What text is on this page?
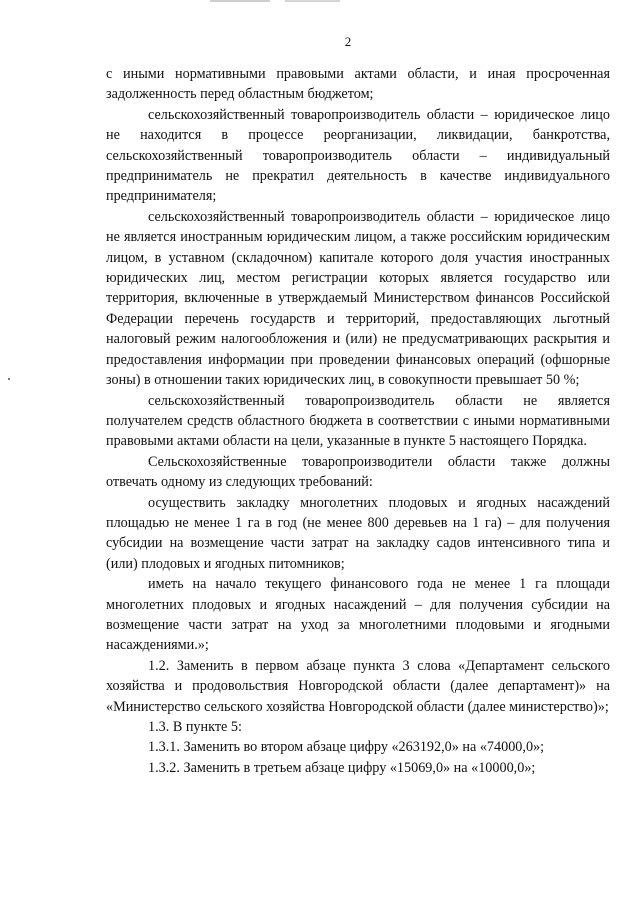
2

с иными нормативными правовыми актами области, и иная просроченная задолженность перед областным бюджетом;

сельскохозяйственный товаропроизводитель области – юридическое лицо не находится в процессе реорганизации, ликвидации, банкротства, сельскохозяйственный товаропроизводитель области – индивидуальный предприниматель не прекратил деятельность в качестве индивидуального предпринимателя;

сельскохозяйственный товаропроизводитель области – юридическое лицо не является иностранным юридическим лицом, а также российским юридическим лицом, в уставном (складочном) капитале которого доля участия иностранных юридических лиц, местом регистрации которых является государство или территория, включенные в утверждаемый Министерством финансов Российской Федерации перечень государств и территорий, предоставляющих льготный налоговый режим налогообложения и (или) не предусматривающих раскрытия и предоставления информации при проведении финансовых операций (офшорные зоны) в отношении таких юридических лиц, в совокупности превышает 50 %;

сельскохозяйственный товаропроизводитель области не является получателем средств областного бюджета в соответствии с иными нормативными правовыми актами области на цели, указанные в пункте 5 настоящего Порядка.

Сельскохозяйственные товаропроизводители области также должны отвечать одному из следующих требований:

осуществить закладку многолетних плодовых и ягодных насаждений площадью не менее 1 га в год (не менее 800 деревьев на 1 га) – для получения субсидии на возмещение части затрат на закладку садов интенсивного типа и (или) плодовых и ягодных питомников;

иметь на начало текущего финансового года не менее 1 га площади многолетних плодовых и ягодных насаждений – для получения субсидии на возмещение части затрат на уход за многолетними плодовыми и ягодными насаждениями.»;

1.2. Заменить в первом абзаце пункта 3 слова «Департамент сельского хозяйства и продовольствия Новгородской области (далее департамент)» на «Министерство сельского хозяйства Новгородской области (далее министерство)»;

1.3. В пункте 5:

1.3.1. Заменить во втором абзаце цифру «263192,0» на «74000,0»;

1.3.2. Заменить в третьем абзаце цифру «15069,0» на «10000,0»;
